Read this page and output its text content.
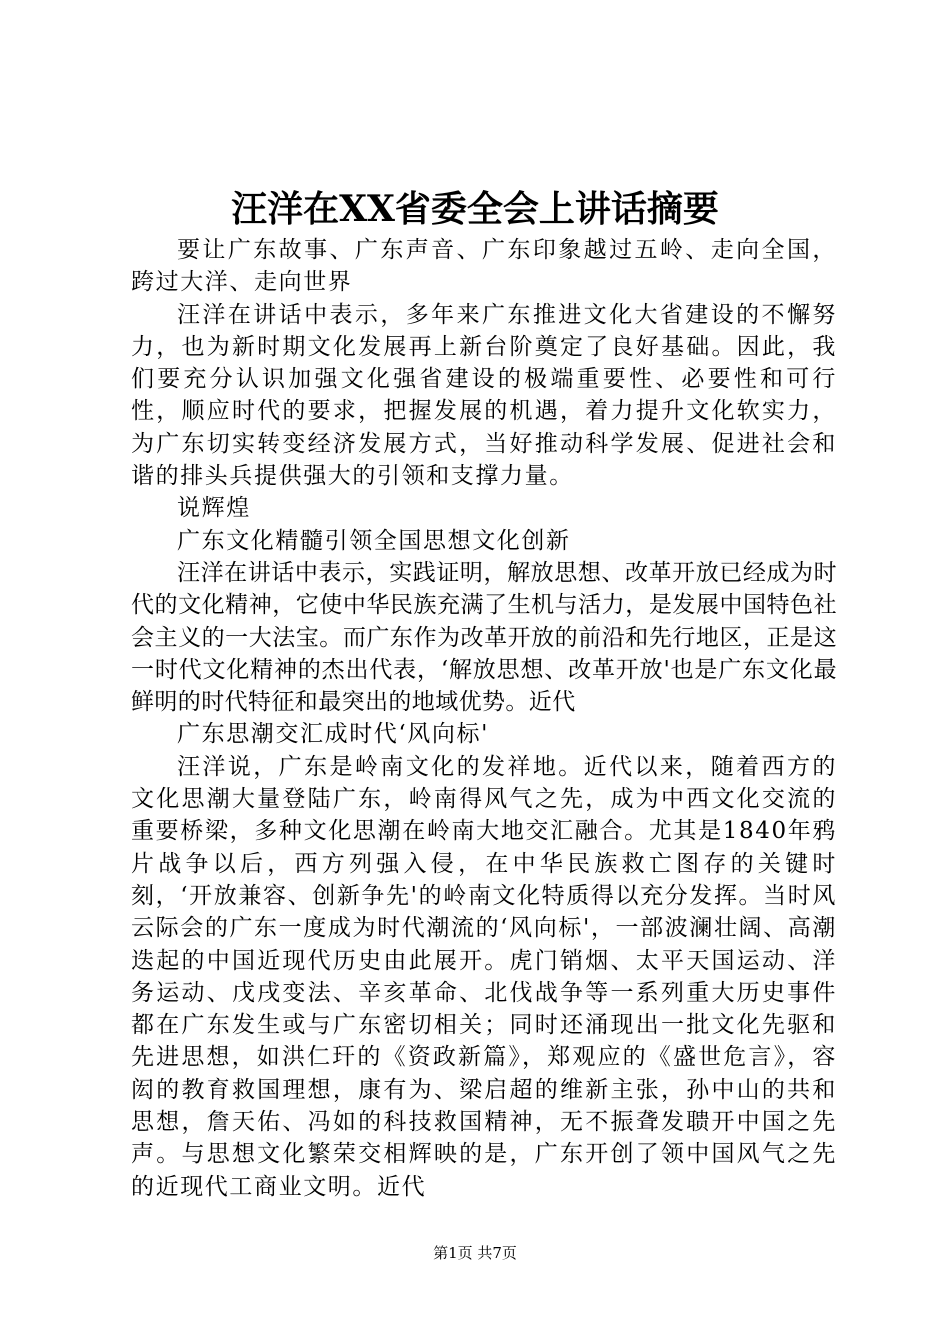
汪洋在XX省委全会上讲话摘要

要让广东故事、广东声音、广东印象越过五岭、走向全国，跨过大洋、走向世界

汪洋在讲话中表示，多年来广东推进文化大省建设的不懈努力，也为新时期文化发展再上新台阶奠定了良好基础。因此，我们要充分认识加强文化强省建设的极端重要性、必要性和可行性，顺应时代的要求，把握发展的机遇，着力提升文化软实力，为广东切实转变经济发展方式，当好推动科学发展、促进社会和谐的排头兵提供强大的引领和支撑力量。

说辉煌

广东文化精髓引领全国思想文化创新

汪洋在讲话中表示，实践证明，解放思想、改革开放已经成为时代的文化精神，它使中华民族充满了生机与活力，是发展中国特色社会主义的一大法宝。而广东作为改革开放的前沿和先行地区，正是这一时代文化精神的杰出代表，‘解放思想、改革开放'也是广东文化最鲜明的时代特征和最突出的地域优势。近代

广东思潮交汇成时代‘风向标'

汪洋说，广东是岭南文化的发祥地。近代以来，随着西方的文化思潮大量登陆广东，岭南得风气之先，成为中西文化交流的重要桥梁，多种文化思潮在岭南大地交汇融合。尤其是1840年鸦片战争以后，西方列强入侵，在中华民族救亡图存的关键时刻，‘开放兼容、创新争先'的岭南文化特质得以充分发挥。当时风云际会的广东一度成为时代潮流的‘风向标'，一部波澜壮阔、高潮迭起的中国近现代历史由此展开。虎门销烟、太平天国运动、洋务运动、戊戌变法、辛亥革命、北伐战争等一系列重大历史事件都在广东发生或与广东密切相关；同时还涌现出一批文化先驱和先进思想，如洪仁玕的《资政新篇》，郑观应的《盛世危言》，容闳的教育救国理想，康有为、梁启超的维新主张，孙中山的共和思想，詹天佑、冯如的科技救国精神，无不振聋发聩开中国之先声。与思想文化繁荣交相辉映的是，广东开创了领中国风气之先的近现代工商业文明。近代

第1页 共7页
